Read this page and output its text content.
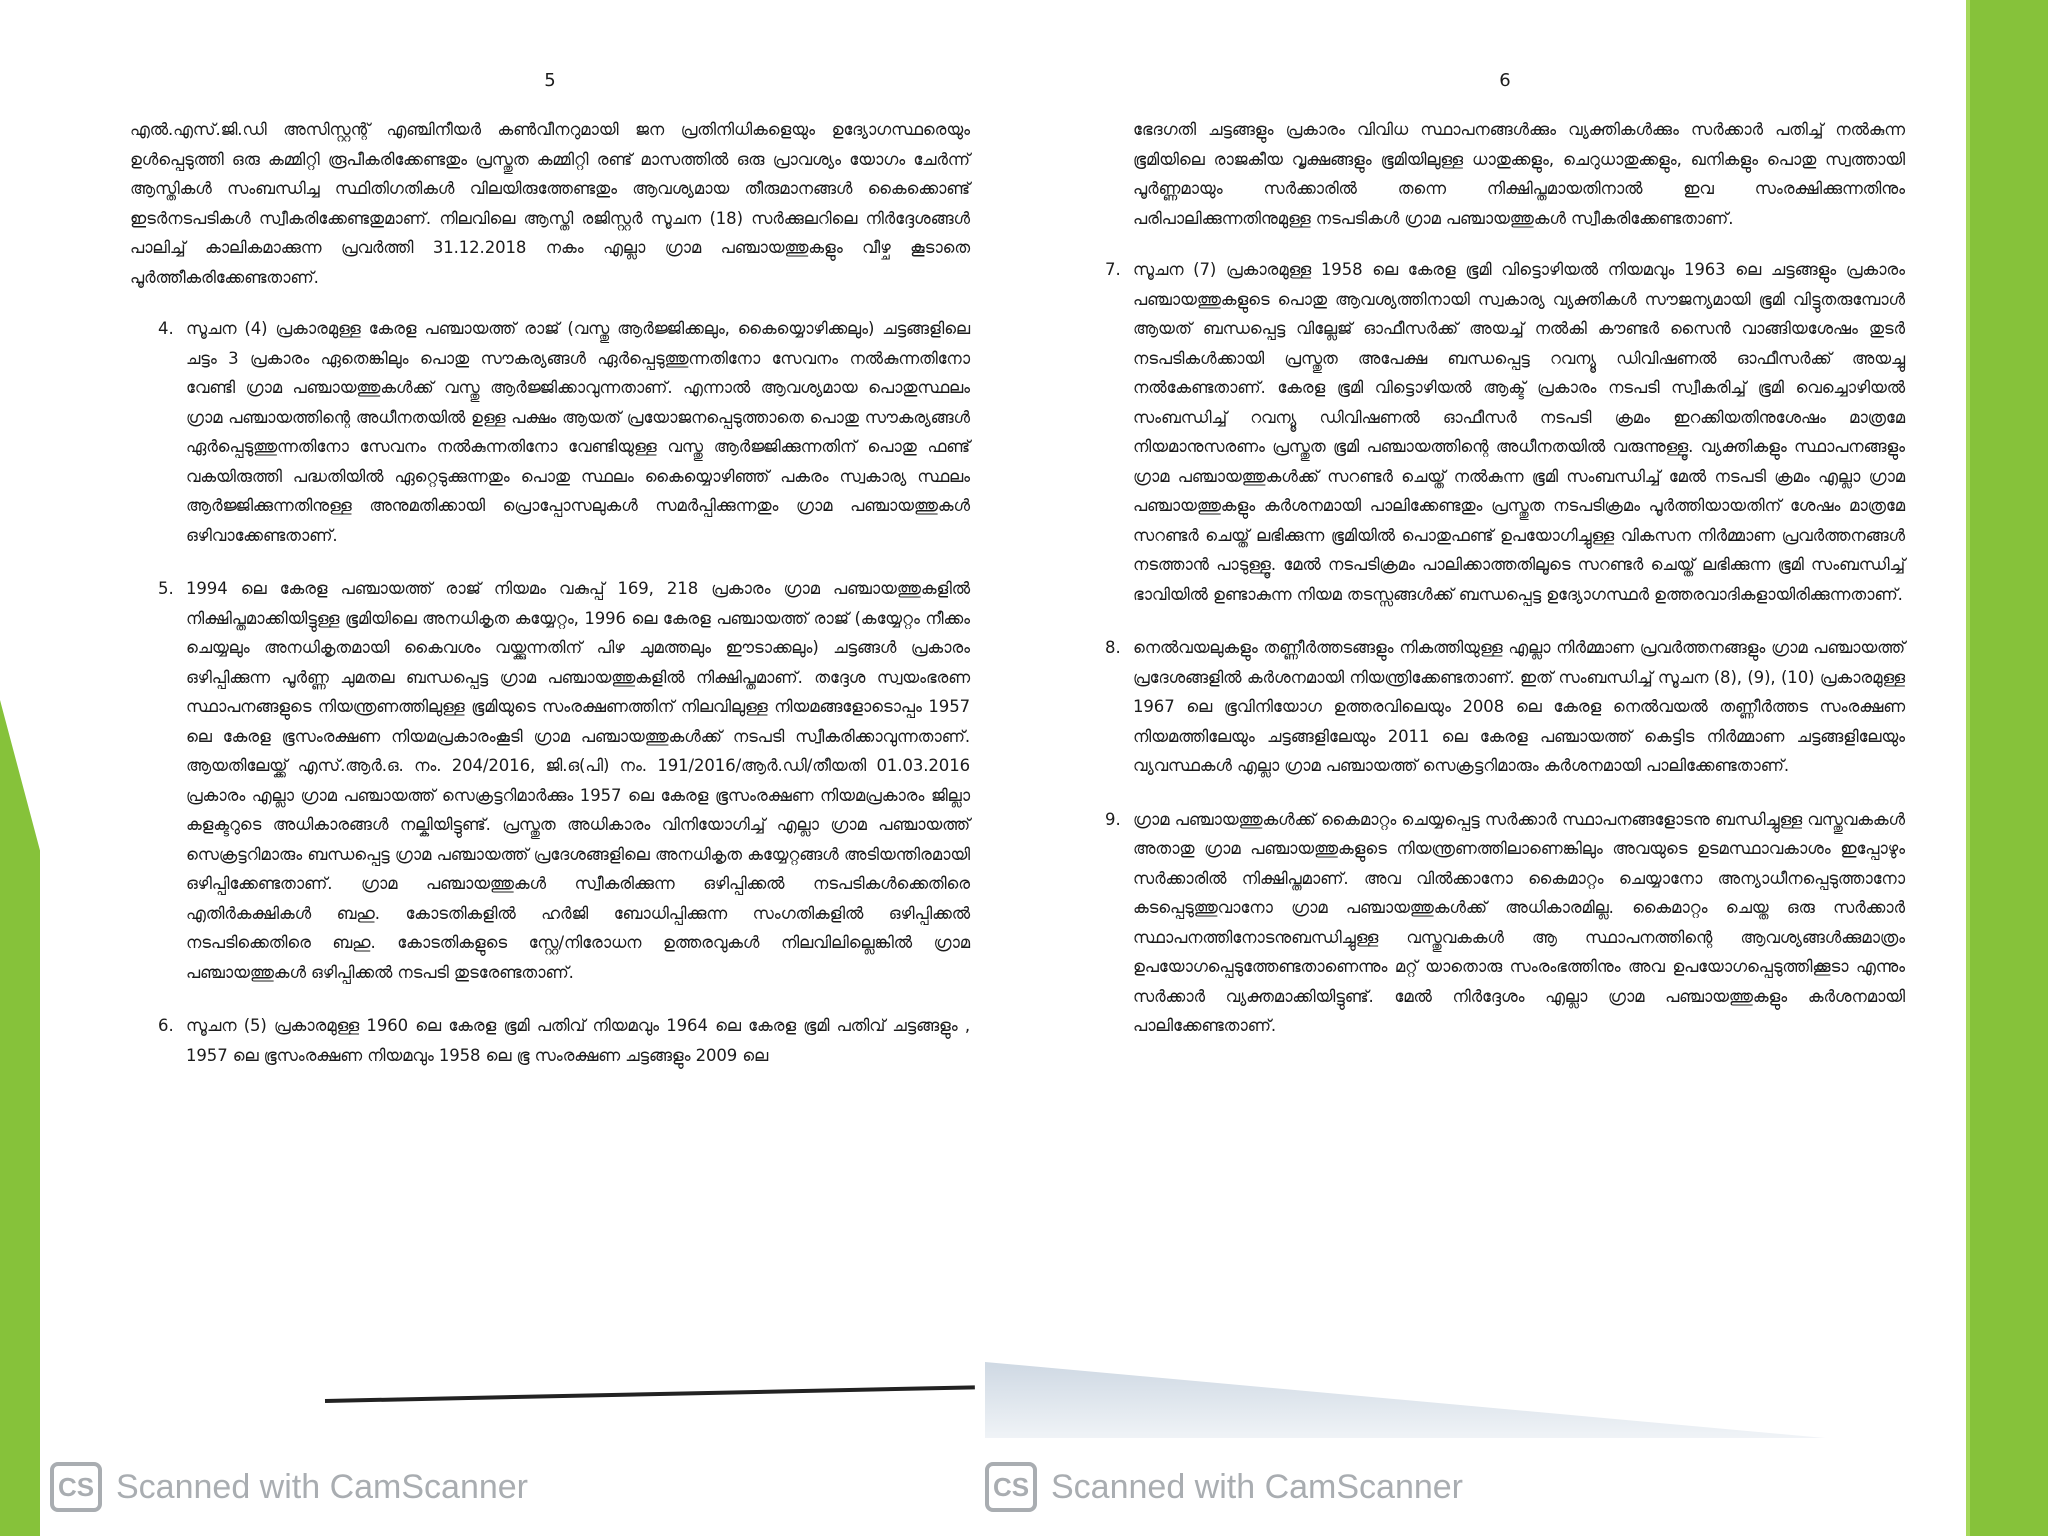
5

എൽ.എസ്.ജി.ഡി അസിസ്റ്റന്റ് എഞ്ചിനീയർ കൺവീനറുമായി ജന പ്രതിനിധികളെയും ഉദ്യോഗസ്ഥരെയും ഉൾപ്പെടുത്തി ഒരു കമ്മിറ്റി രൂപീകരിക്കേണ്ടതും പ്രസ്തുത കമ്മിറ്റി രണ്ട് മാസത്തിൽ ഒരു പ്രാവശ്യം യോഗം ചേർന്ന് ആസ്തികൾ സംബന്ധിച്ച സ്ഥിതിഗതികൾ വിലയിരുത്തേണ്ടതും ആവശ്യമായ തീരുമാനങ്ങൾ കൈക്കൊണ്ട് ഇടർനടപടികൾ സ്വീകരിക്കേണ്ടതുമാണ്. നിലവിലെ ആസ്തി രജിസ്റ്റർ സൂചന (18) സർക്കുലറിലെ നിർദ്ദേശങ്ങൾ പാലിച്ച് കാലികമാക്കുന്ന പ്രവർത്തി 31.12.2018 നകം എല്ലാ ഗ്രാമ പഞ്ചായത്തുകളും വീഴ്ച കൂടാതെ പൂർത്തീകരിക്കേണ്ടതാണ്.

4. സൂചന (4) പ്രകാരമുള്ള കേരള പഞ്ചായത്ത് രാജ് (വസ്തു ആർജ്ജിക്കലും, കൈയ്യൊഴിക്കലും) ചട്ടങ്ങളിലെ ചട്ടം 3 പ്രകാരം ഏതെങ്കിലും പൊതു സൗകര്യങ്ങൾ ഏർപ്പെടുത്തുന്നതിനോ സേവനം നൽകുന്നതിനോ വേണ്ടി ഗ്രാമ പഞ്ചായത്തുകൾക്ക് വസ്തു ആർജ്ജിക്കാവുന്നതാണ്. എന്നാൽ ആവശ്യമായ പൊതുസ്ഥലം ഗ്രാമ പഞ്ചായത്തിന്റെ അധീനതയിൽ ഉള്ള പക്ഷം ആയത് പ്രയോജനപ്പെടുത്താതെ പൊതു സൗകര്യങ്ങൾ ഏർപ്പെടുത്തുന്നതിനോ സേവനം നൽകുന്നതിനോ വേണ്ടിയുള്ള വസ്തു ആർജ്ജിക്കുന്നതിന് പൊതു ഫണ്ട് വകയിരുത്തി പദ്ധതിയിൽ ഏറ്റെടുക്കുന്നതും പൊതു സ്ഥലം കൈയ്യൊഴിഞ്ഞ് പകരം സ്വകാര്യ സ്ഥലം ആർജ്ജിക്കുന്നതിനുള്ള അനുമതിക്കായി പ്രൊപ്പോസലുകൾ സമർപ്പിക്കുന്നതും ഗ്രാമ പഞ്ചായത്തുകൾ ഒഴിവാക്കേണ്ടതാണ്.
5. 1994 ലെ കേരള പഞ്ചായത്ത് രാജ് നിയമം വകുപ്പ് 169, 218 പ്രകാരം ഗ്രാമ പഞ്ചായത്തുകളിൽ നിക്ഷിപ്തമാക്കിയിട്ടുള്ള ഭൂമിയിലെ അനധികൃത കയ്യേറ്റം, 1996 ലെ കേരള പഞ്ചായത്ത് രാജ് (കയ്യേറ്റം നീക്കം ചെയ്യലും അനധികൃതമായി കൈവശം വയ്ക്കുന്നതിന് പിഴ ചുമത്തലും ഈടാക്കലും) ചട്ടങ്ങൾ പ്രകാരം ഒഴിപ്പിക്കുന്ന പൂർണ്ണ ചുമതല ബന്ധപ്പെട്ട ഗ്രാമ പഞ്ചായത്തുകളിൽ നിക്ഷിപ്തമാണ്. തദ്ദേശ സ്വയംഭരണ സ്ഥാപനങ്ങളുടെ നിയന്ത്രണത്തിലുള്ള ഭൂമിയുടെ സംരക്ഷണത്തിന് നിലവിലുള്ള നിയമങ്ങളോടൊപ്പം 1957 ലെ കേരള ഭൂസംരക്ഷണ നിയമപ്രകാരംകൂടി ഗ്രാമ പഞ്ചായത്തുകൾക്ക് നടപടി സ്വീകരിക്കാവുന്നതാണ്. ആയതിലേയ്ക്ക് എസ്.ആർ.ഒ. നം. 204/2016, ജി.ഒ(പി) നം. 191/2016/ആർ.ഡി/തീയതി 01.03.2016 പ്രകാരം എല്ലാ ഗ്രാമ പഞ്ചായത്ത് സെക്രട്ടറിമാർക്കും 1957 ലെ കേരള ഭൂസംരക്ഷണ നിയമപ്രകാരം ജില്ലാ കളക്ടറുടെ അധികാരങ്ങൾ നല്കിയിട്ടുണ്ട്. പ്രസ്തുത അധികാരം വിനിയോഗിച്ച് എല്ലാ ഗ്രാമ പഞ്ചായത്ത് സെക്രട്ടറിമാരും ബന്ധപ്പെട്ട ഗ്രാമ പഞ്ചായത്ത് പ്രദേശങ്ങളിലെ അനധികൃത കയ്യേറ്റങ്ങൾ അടിയന്തിരമായി ഒഴിപ്പിക്കേണ്ടതാണ്. ഗ്രാമ പഞ്ചായത്തുകൾ സ്വീകരിക്കുന്ന ഒഴിപ്പിക്കൽ നടപടികൾക്കെതിരെ എതിർകക്ഷികൾ ബഹു. കോടതികളിൽ ഹർജി ബോധിപ്പിക്കുന്ന സംഗതികളിൽ ഒഴിപ്പിക്കൽ നടപടിക്കെതിരെ ബഹു. കോടതികളുടെ സ്റ്റേ/നിരോധന ഉത്തരവുകൾ നിലവിലില്ലെങ്കിൽ ഗ്രാമ പഞ്ചായത്തുകൾ ഒഴിപ്പിക്കൽ നടപടി തുടരേണ്ടതാണ്.
6. സൂചന (5) പ്രകാരമുള്ള 1960 ലെ കേരള ഭൂമി പതിവ് നിയമവും 1964 ലെ കേരള ഭൂമി പതിവ് ചട്ടങ്ങളും , 1957 ലെ ഭൂസംരക്ഷണ നിയമവും 1958 ലെ ഭൂ സംരക്ഷണ ചട്ടങ്ങളും 2009 ലെ
6

ഭേദഗതി ചട്ടങ്ങളും പ്രകാരം വിവിധ സ്ഥാപനങ്ങൾക്കും വ്യക്തികൾക്കും സർക്കാർ പതിച്ച് നൽകുന്ന ഭൂമിയിലെ രാജകീയ വൃക്ഷങ്ങളും ഭൂമിയിലുള്ള ധാതുക്കളും, ചെറുധാതുക്കളും, ഖനികളും പൊതു സ്വത്തായി പൂർണ്ണമായും സർക്കാരിൽ തന്നെ നിക്ഷിപ്തമായതിനാൽ ഇവ സംരക്ഷിക്കുന്നതിനും പരിപാലിക്കുന്നതിനുമുള്ള നടപടികൾ ഗ്രാമ പഞ്ചായത്തുകൾ സ്വീകരിക്കേണ്ടതാണ്.

7. സൂചന (7) പ്രകാരമുള്ള 1958 ലെ കേരള ഭൂമി വിട്ടൊഴിയൽ നിയമവും 1963 ലെ ചട്ടങ്ങളും പ്രകാരം പഞ്ചായത്തുകളുടെ പൊതു ആവശ്യത്തിനായി സ്വകാര്യ വ്യക്തികൾ സൗജന്യമായി ഭൂമി വിട്ടുതരുമ്പോൾ ആയത് ബന്ധപ്പെട്ട വില്ലേജ് ഓഫീസർക്ക് അയച്ച് നൽകി കൗണ്ടർ സൈൻ വാങ്ങിയശേഷം തുടർ നടപടികൾക്കായി പ്രസ്തുത അപേക്ഷ ബന്ധപ്പെട്ട റവന്യൂ ഡിവിഷണൽ ഓഫീസർക്ക് അയച്ചു നൽകേണ്ടതാണ്. കേരള ഭൂമി വിട്ടൊഴിയൽ ആക്ട് പ്രകാരം നടപടി സ്വീകരിച്ച് ഭൂമി വെച്ചൊഴിയൽ സംബന്ധിച്ച് റവന്യൂ ഡിവിഷണൽ ഓഫീസർ നടപടി ക്രമം ഇറക്കിയതിനുശേഷം മാത്രമേ നിയമാനുസരണം പ്രസ്തുത ഭൂമി പഞ്ചായത്തിന്റെ അധീനതയിൽ വരുന്നുള്ളൂ. വ്യക്തികളും സ്ഥാപനങ്ങളും ഗ്രാമ പഞ്ചായത്തുകൾക്ക് സറണ്ടർ ചെയ്ത് നൽകുന്ന ഭൂമി സംബന്ധിച്ച് മേൽ നടപടി ക്രമം എല്ലാ ഗ്രാമ പഞ്ചായത്തുകളും കർശനമായി പാലിക്കേണ്ടതും പ്രസ്തുത നടപടിക്രമം പൂർത്തിയായതിന് ശേഷം മാത്രമേ സറണ്ടർ ചെയ്ത് ലഭിക്കുന്ന ഭൂമിയിൽ പൊതുഫണ്ട് ഉപയോഗിച്ചുള്ള വികസന നിർമ്മാണ പ്രവർത്തനങ്ങൾ നടത്താൻ പാടുള്ളൂ. മേൽ നടപടിക്രമം പാലിക്കാത്തതിലൂടെ സറണ്ടർ ചെയ്ത് ലഭിക്കുന്ന ഭൂമി സംബന്ധിച്ച് ഭാവിയിൽ ഉണ്ടാകുന്ന നിയമ തടസ്സങ്ങൾക്ക് ബന്ധപ്പെട്ട ഉദ്യോഗസ്ഥർ ഉത്തരവാദികളായിരിക്കുന്നതാണ്.
8. നെൽവയലുകളും തണ്ണീർത്തടങ്ങളും നികത്തിയുള്ള എല്ലാ നിർമ്മാണ പ്രവർത്തനങ്ങളും ഗ്രാമ പഞ്ചായത്ത് പ്രദേശങ്ങളിൽ കർശനമായി നിയന്ത്രിക്കേണ്ടതാണ്. ഇത് സംബന്ധിച്ച് സൂചന (8), (9), (10) പ്രകാരമുള്ള 1967 ലെ ഭൂവിനിയോഗ ഉത്തരവിലെയും 2008 ലെ കേരള നെൽവയൽ തണ്ണീർത്തട സംരക്ഷണ നിയമത്തിലേയും ചട്ടങ്ങളിലേയും 2011 ലെ കേരള പഞ്ചായത്ത് കെട്ടിട നിർമ്മാണ ചട്ടങ്ങളിലേയും വ്യവസ്ഥകൾ എല്ലാ ഗ്രാമ പഞ്ചായത്ത് സെക്രട്ടറിമാരും കർശനമായി പാലിക്കേണ്ടതാണ്.
9. ഗ്രാമ പഞ്ചായത്തുകൾക്ക് കൈമാറ്റം ചെയ്യപ്പെട്ട സർക്കാർ സ്ഥാപനങ്ങളോടനു ബന്ധിച്ചുള്ള വസ്തുവകകൾ അതാതു ഗ്രാമ പഞ്ചായത്തുകളുടെ നിയന്ത്രണത്തിലാണെങ്കിലും അവയുടെ ഉടമസ്ഥാവകാശം ഇപ്പോഴും സർക്കാരിൽ നിക്ഷിപ്തമാണ്. അവ വിൽക്കാനോ കൈമാറ്റം ചെയ്യാനോ അന്യാധീനപ്പെടുത്താനോ കടപ്പെടുത്തുവാനോ ഗ്രാമ പഞ്ചായത്തുകൾക്ക് അധികാരമില്ല. കൈമാറ്റം ചെയ്ത ഒരു സർക്കാർ സ്ഥാപനത്തിനോടനുബന്ധിച്ചുള്ള വസ്തുവകകൾ ആ സ്ഥാപനത്തിന്റെ ആവശ്യങ്ങൾക്കുമാത്രം ഉപയോഗപ്പെടുത്തേണ്ടതാണെന്നും മറ്റ് യാതൊരു സംരംഭത്തിനും അവ ഉപയോഗപ്പെടുത്തിക്കൂടാ എന്നും സർക്കാർ വ്യക്തമാക്കിയിട്ടുണ്ട്. മേൽ നിർദ്ദേശം എല്ലാ ഗ്രാമ പഞ്ചായത്തുകളും കർശനമായി പാലിക്കേണ്ടതാണ്.
CS Scanned with CamScanner	CS Scanned with CamScanner
